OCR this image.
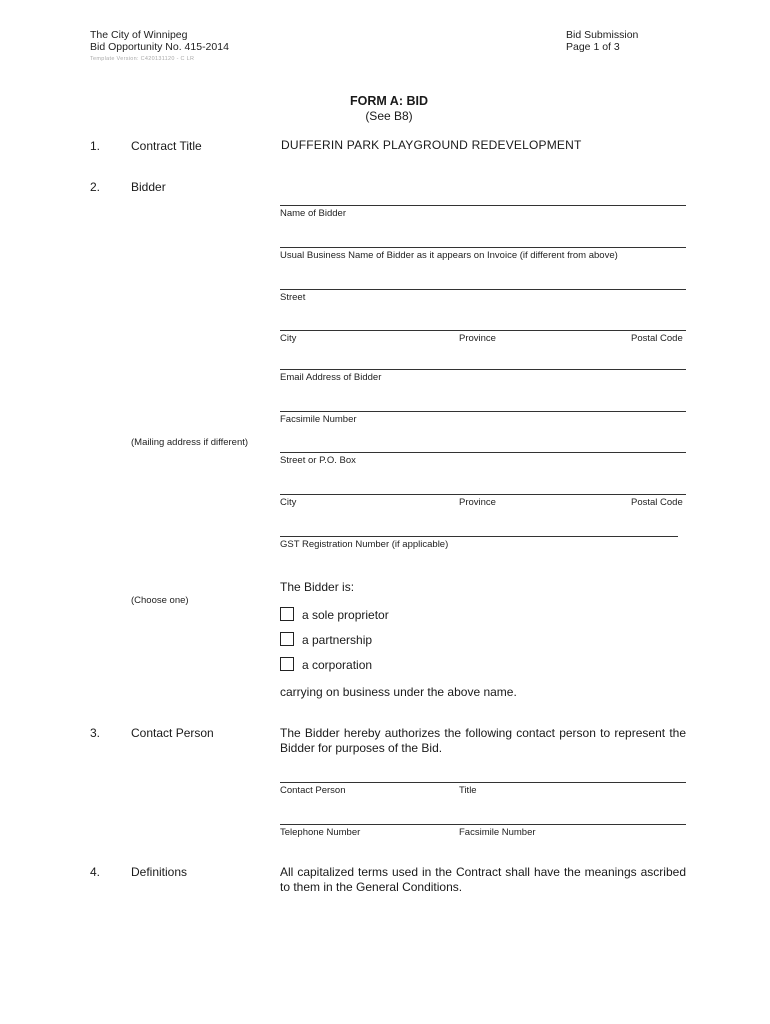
The City of Winnipeg
Bid Opportunity No. 415-2014
Template Version: C420131120 - C LR
Bid Submission
Page 1 of 3
FORM A: BID
(See B8)
1.	Contract Title	DUFFERIN PARK PLAYGROUND REDEVELOPMENT
2.	Bidder
Name of Bidder
Usual Business Name of Bidder as it appears on Invoice (if different from above)
Street
City	Province	Postal Code
Email Address of Bidder
Facsimile Number
(Mailing address if different)
Street or P.O. Box
City	Province	Postal Code
GST Registration Number (if applicable)
The Bidder is:
(Choose one)
a sole proprietor
a partnership
a corporation
carrying on business under the above name.
3.	Contact Person	The Bidder hereby authorizes the following contact person to represent the Bidder for purposes of the Bid.
Contact Person	Title
Telephone Number	Facsimile Number
4.	Definitions	All capitalized terms used in the Contract shall have the meanings ascribed to them in the General Conditions.
